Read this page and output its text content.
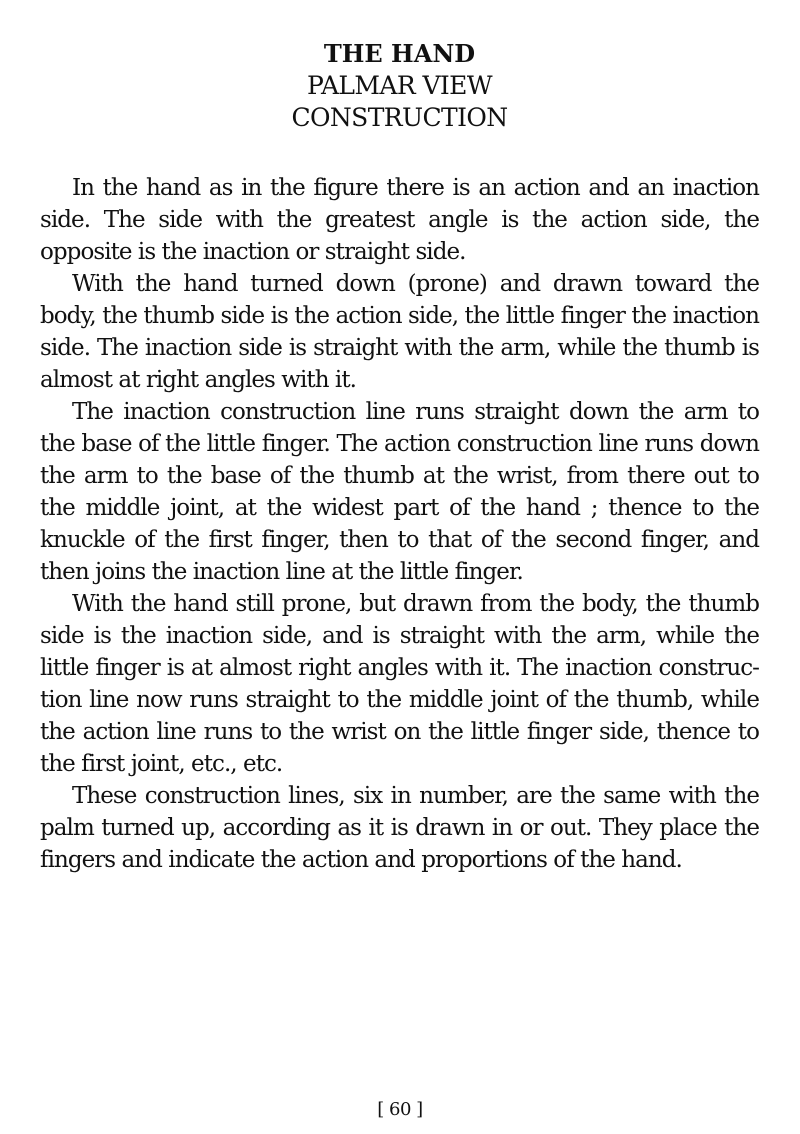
THE HAND

PALMAR VIEW

CONSTRUCTION

In the hand as in the figure there is an action and an inaction side. The side with the greatest angle is the action side, the opposite is the inaction or straight side.

With the hand turned down (prone) and drawn toward the body, the thumb side is the action side, the little finger the inaction side. The inaction side is straight with the arm, while the thumb is almost at right angles with it.

The inaction construction line runs straight down the arm to the base of the little finger. The action construction line runs down the arm to the base of the thumb at the wrist, from there out to the middle joint, at the widest part of the hand ; thence to the knuckle of the first finger, then to that of the second finger, and then joins the inaction line at the little finger.

With the hand still prone, but drawn from the body, the thumb side is the inaction side, and is straight with the arm, while the little finger is at almost right angles with it. The inaction construc-tion line now runs straight to the middle joint of the thumb, while the action line runs to the wrist on the little finger side, thence to the first joint, etc., etc.

These construction lines, six in number, are the same with the palm turned up, according as it is drawn in or out. They place the fingers and indicate the action and proportions of the hand.

[ 60 ]
